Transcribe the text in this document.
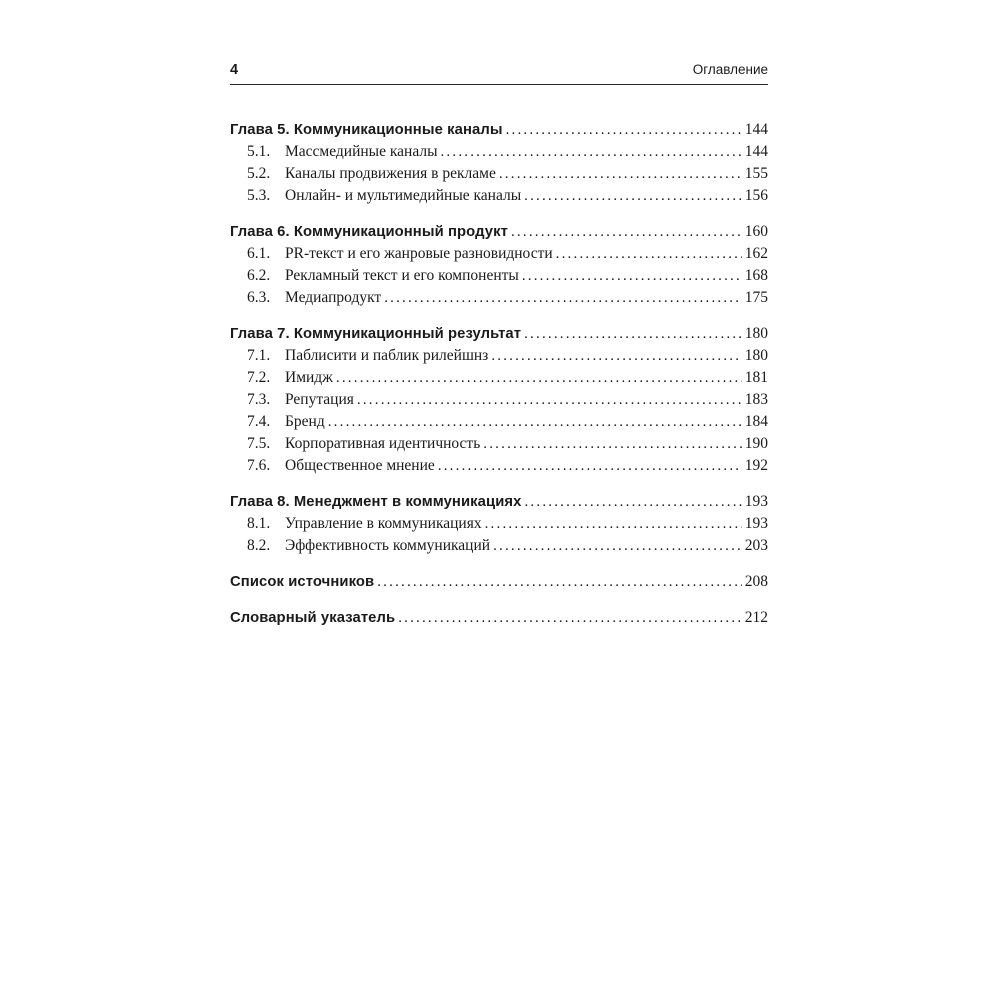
4	Оглавление
Глава 5. Коммуникационные каналы .....	144
5.1. Массмедийные каналы .....	144
5.2. Каналы продвижения в рекламе .....	155
5.3. Онлайн- и мультимедийные каналы .....	156
Глава 6. Коммуникационный продукт .....	160
6.1. PR-текст и его жанровые разновидности .....	162
6.2. Рекламный текст и его компоненты .....	168
6.3. Медиапродукт .....	175
Глава 7. Коммуникационный результат .....	180
7.1. Паблисити и паблик рилейшнз .....	180
7.2. Имидж .....	181
7.3. Репутация .....	183
7.4. Бренд .....	184
7.5. Корпоративная идентичность .....	190
7.6. Общественное мнение .....	192
Глава 8. Менеджмент в коммуникациях .....	193
8.1. Управление в коммуникациях .....	193
8.2. Эффективность коммуникаций .....	203
Список источников .....	208
Словарный указатель .....	212
